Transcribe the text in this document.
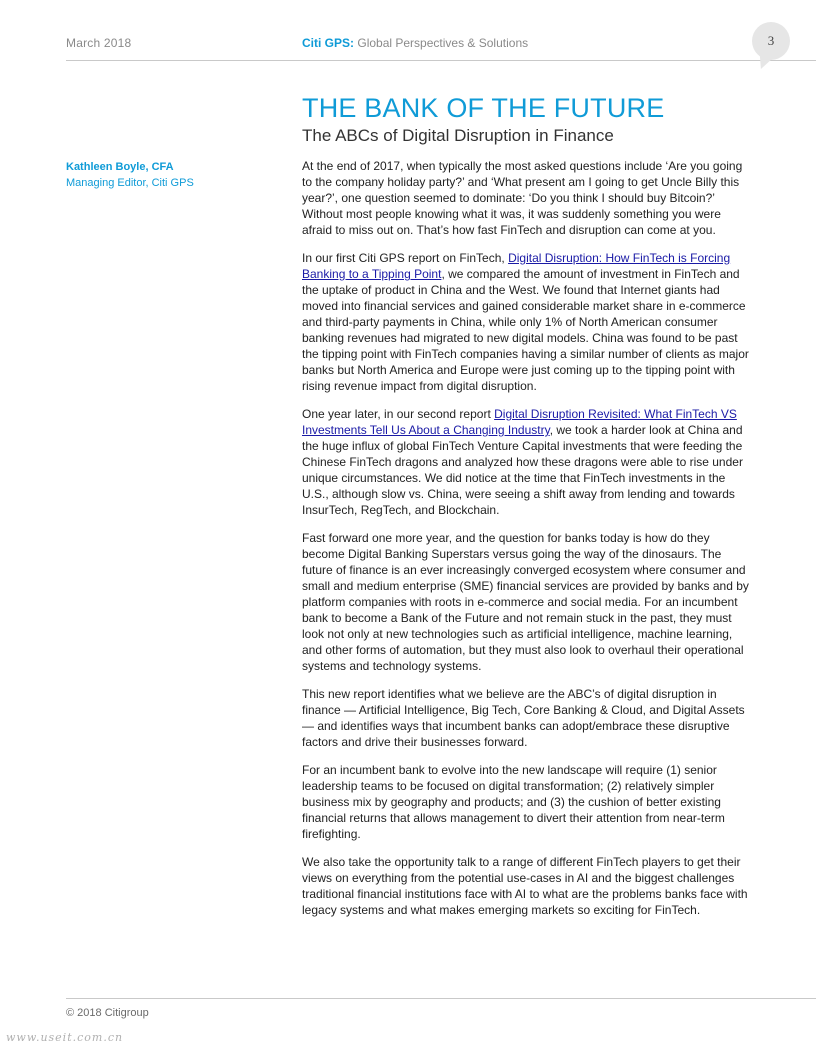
March 2018	Citi GPS: Global Perspectives & Solutions	3
THE BANK OF THE FUTURE
The ABCs of Digital Disruption in Finance
Kathleen Boyle, CFA
Managing Editor, Citi GPS

At the end of 2017, when typically the most asked questions include ‘Are you going to the company holiday party?’ and ‘What present am I going to get Uncle Billy this year?’, one question seemed to dominate: ‘Do you think I should buy Bitcoin?’ Without most people knowing what it was, it was suddenly something you were afraid to miss out on. That’s how fast FinTech and disruption can come at you.

In our first Citi GPS report on FinTech, Digital Disruption: How FinTech is Forcing Banking to a Tipping Point, we compared the amount of investment in FinTech and the uptake of product in China and the West. We found that Internet giants had moved into financial services and gained considerable market share in e-commerce and third-party payments in China, while only 1% of North American consumer banking revenues had migrated to new digital models. China was found to be past the tipping point with FinTech companies having a similar number of clients as major banks but North America and Europe were just coming up to the tipping point with rising revenue impact from digital disruption.

One year later, in our second report Digital Disruption Revisited: What FinTech VS Investments Tell Us About a Changing Industry, we took a harder look at China and the huge influx of global FinTech Venture Capital investments that were feeding the Chinese FinTech dragons and analyzed how these dragons were able to rise under unique circumstances. We did notice at the time that FinTech investments in the U.S., although slow vs. China, were seeing a shift away from lending and towards InsurTech, RegTech, and Blockchain.

Fast forward one more year, and the question for banks today is how do they become Digital Banking Superstars versus going the way of the dinosaurs. The future of finance is an ever increasingly converged ecosystem where consumer and small and medium enterprise (SME) financial services are provided by banks and by platform companies with roots in e-commerce and social media. For an incumbent bank to become a Bank of the Future and not remain stuck in the past, they must look not only at new technologies such as artificial intelligence, machine learning, and other forms of automation, but they must also look to overhaul their operational systems and technology systems.

This new report identifies what we believe are the ABC’s of digital disruption in finance — Artificial Intelligence, Big Tech, Core Banking & Cloud, and Digital Assets — and identifies ways that incumbent banks can adopt/embrace these disruptive factors and drive their businesses forward.

For an incumbent bank to evolve into the new landscape will require (1) senior leadership teams to be focused on digital transformation; (2) relatively simpler business mix by geography and products; and (3) the cushion of better existing financial returns that allows management to divert their attention from near-term firefighting.

We also take the opportunity talk to a range of different FinTech players to get their views on everything from the potential use-cases in AI and the biggest challenges traditional financial institutions face with AI to what are the problems banks face with legacy systems and what makes emerging markets so exciting for FinTech.

© 2018 Citigroup
www.useit.com.cn
